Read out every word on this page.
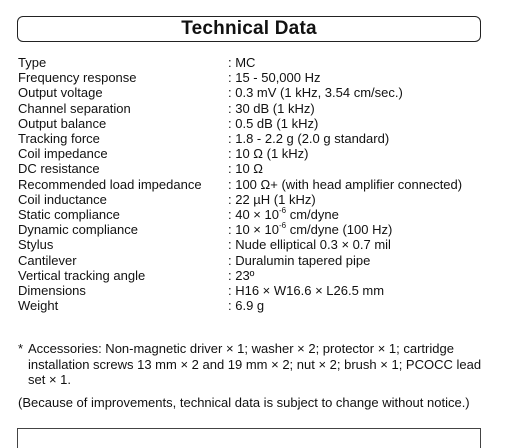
Technical Data
Type	: MC
Frequency response	: 15 - 50,000 Hz
Output voltage	: 0.3 mV (1 kHz, 3.54 cm/sec.)
Channel separation	: 30 dB (1 kHz)
Output balance	: 0.5 dB (1 kHz)
Tracking force	: 1.8 - 2.2 g (2.0 g standard)
Coil impedance	: 10 Ω (1 kHz)
DC resistance	: 10 Ω
Recommended load impedance	: 100 Ω+ (with head amplifier connected)
Coil inductance	: 22 µH (1 kHz)
Static compliance	: $40 \times 10^{-6}$ cm/dyne
Dynamic compliance	: $10 \times 10^{-6}$ cm/dyne (100 Hz)
Stylus	: Nude elliptical 0.3 × 0.7 mil
Cantilever	: Duralumin tapered pipe
Vertical tracking angle	: 23º
Dimensions	: H16 × W16.6 × L26.5 mm
Weight	: 6.9 g
* Accessories: Non-magnetic driver × 1; washer × 2; protector × 1; cartridge installation screws 13 mm × 2 and 19 mm × 2; nut × 2; brush × 1; PCOCC lead set × 1.
(Because of improvements, technical data is subject to change without notice.)
